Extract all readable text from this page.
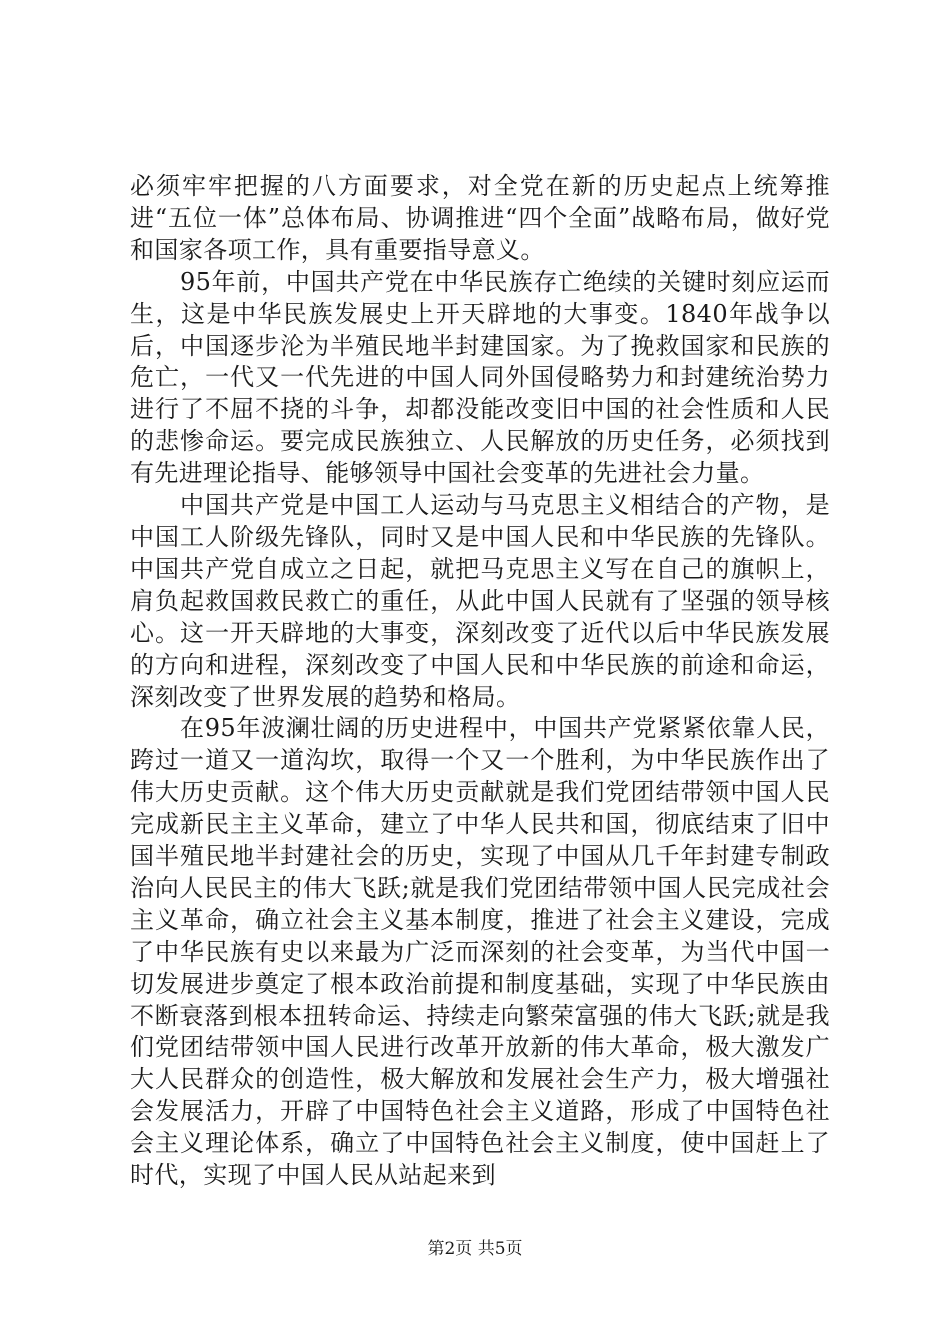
必须牢牢把握的八方面要求，对全党在新的历史起点上统筹推进“五位一体”总体布局、协调推进“四个全面”战略布局，做好党和国家各项工作，具有重要指导意义。

95年前，中国共产党在中华民族存亡绝续的关键时刻应运而生，这是中华民族发展史上开天辟地的大事变。1840年战争以后，中国逐步沦为半殖民地半封建国家。为了挽救国家和民族的危亡，一代又一代先进的中国人同外国侵略势力和封建统治势力进行了不屈不挠的斗争，却都没能改变旧中国的社会性质和人民的悲惨命运。要完成民族独立、人民解放的历史任务，必须找到有先进理论指导、能够领导中国社会变革的先进社会力量。

中国共产党是中国工人运动与马克思主义相结合的产物，是中国工人阶级先锋队，同时又是中国人民和中华民族的先锋队。中国共产党自成立之日起，就把马克思主义写在自己的旗帜上，肩负起救国救民救亡的重任，从此中国人民就有了坚强的领导核心。这一开天辟地的大事变，深刻改变了近代以后中华民族发展的方向和进程，深刻改变了中国人民和中华民族的前途和命运，深刻改变了世界发展的趋势和格局。

在95年波澜壮阔的历史进程中，中国共产党紧紧依靠人民，跨过一道又一道沟坎，取得一个又一个胜利，为中华民族作出了伟大历史贡献。这个伟大历史贡献就是我们党团结带领中国人民完成新民主主义革命，建立了中华人民共和国，彻底结束了旧中国半殖民地半封建社会的历史，实现了中国从几千年封建专制政治向人民民主的伟大飞跃;就是我们党团结带领中国人民完成社会主义革命，确立社会主义基本制度，推进了社会主义建设，完成了中华民族有史以来最为广泛而深刻的社会变革，为当代中国一切发展进步奠定了根本政治前提和制度基础，实现了中华民族由不断衰落到根本扭转命运、持续走向繁荣富强的伟大飞跃;就是我们党团结带领中国人民进行改革开放新的伟大革命，极大激发广大人民群众的创造性，极大解放和发展社会生产力，极大增强社会发展活力，开辟了中国特色社会主义道路，形成了中国特色社会主义理论体系，确立了中国特色社会主义制度，使中国赶上了时代，实现了中国人民从站起来到

第2页 共5页
